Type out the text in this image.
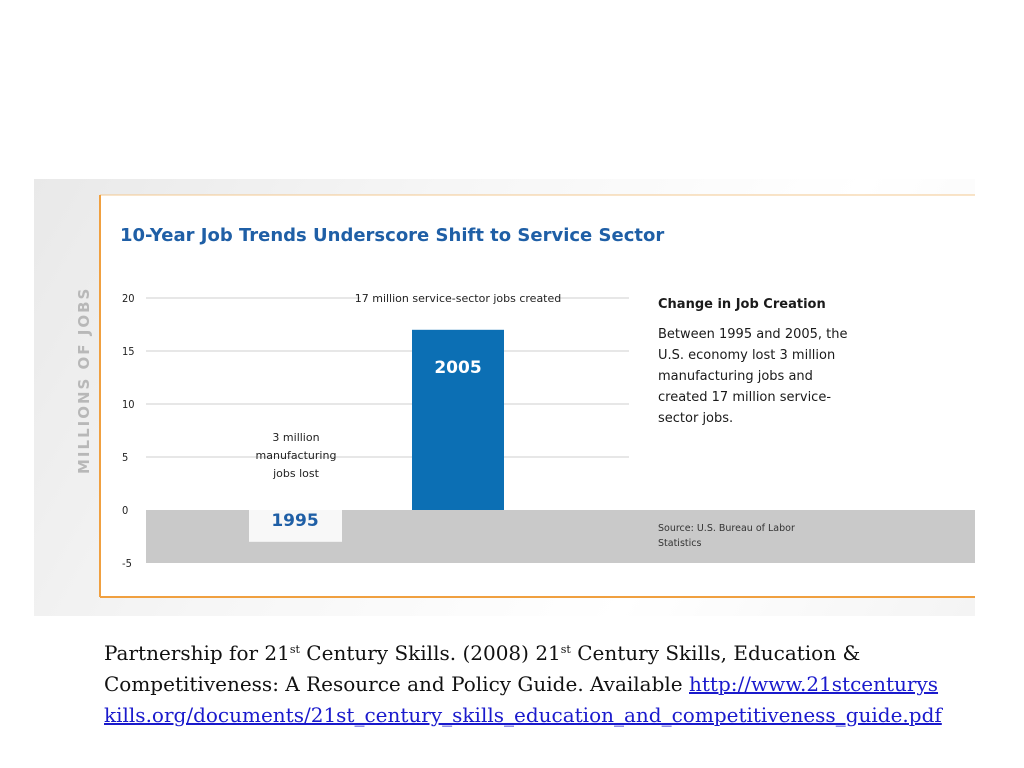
10-Year Job Trends Underscore Shift to Service Sector
MILLIONS OF JOBS	20
15
10
5
0
-5
1995
3 million
manufacturing
jobs lost
2005
17 million service-sector jobs created	Change in Job Creation

Between 1995 and 2005, the U.S. economy lost 3 million manufacturing jobs and created 17 million service-sector jobs.

Source: U.S. Bureau of Labor Statistics
Partnership for 21st Century Skills. (2008) 21st Century Skills, Education & Competitiveness: A Resource and Policy Guide. Available http://www.21stcenturyskills.org/documents/21st_century_skills_education_and_competitiveness_guide.pdf
